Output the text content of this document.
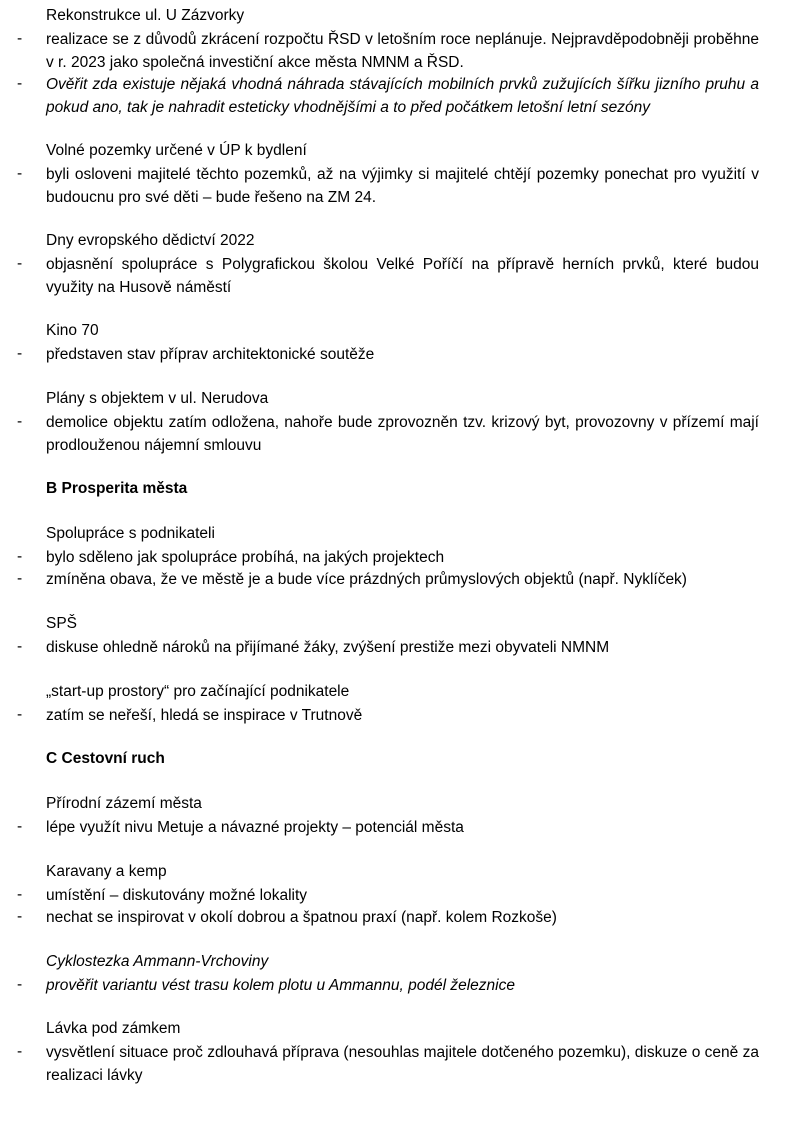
Rekonstrukce ul. U Zázvorky
- realizace se z důvodů zkrácení rozpočtu ŘSD v letošním roce neplánuje. Nejpravděpodobněji proběhne v r. 2023 jako společná investiční akce města NMNM a ŘSD.
- Ověřit zda existuje nějaká vhodná náhrada stávajících mobilních prvků zužujících šířku jizního pruhu a pokud ano, tak je nahradit esteticky vhodnějšími a to před počátkem letošní letní sezóny
Volné pozemky určené v ÚP k bydlení
- byli osloveni majitelé těchto pozemků, až na výjimky si majitelé chtějí pozemky ponechat pro využití v budoucnu pro své děti – bude řešeno na ZM 24.
Dny evropského dědictví 2022
- objasnění spolupráce s Polygrafickou školou Velké Poříčí na přípravě herních prvků, které budou využity na Husově náměstí
Kino 70
- představen stav příprav architektonické soutěže
Plány s objektem v ul. Nerudova
- demolice objektu zatím odložena, nahoře bude zprovozněn tzv. krizový byt, provozovny v přízemí mají prodlouženou nájemní smlouvu
B Prosperita města
Spolupráce s podnikateli
- bylo sděleno jak spolupráce probíhá, na jakých projektech
- zmíněna obava, že ve městě je a bude více prázdných průmyslových objektů (např. Nyklíček)
SPŠ
- diskuse ohledně nároků na přijímané žáky, zvýšení prestiže mezi obyvateli NMNM
„start-up prostory“ pro začínající podnikatele
- zatím se neřeší, hledá se inspirace v Trutnově
C Cestovní ruch
Přírodní zázemí města
- lépe využít nivu Metuje a návazné projekty – potenciál města
Karavany a kemp
- umístění – diskutovány možné lokality
- nechat se inspirovat v okolí dobrou a špatnou praxí (např. kolem Rozkoše)
Cyklostezka Ammann-Vrchoviny
- prověřit variantu vést trasu kolem plotu u Ammannu, podél železnice
Lávka pod zámkem
- vysvětlení situace proč zdlouhavá příprava (nesouhlas majitele dotčeného pozemku), diskuze o ceně za realizaci lávky
